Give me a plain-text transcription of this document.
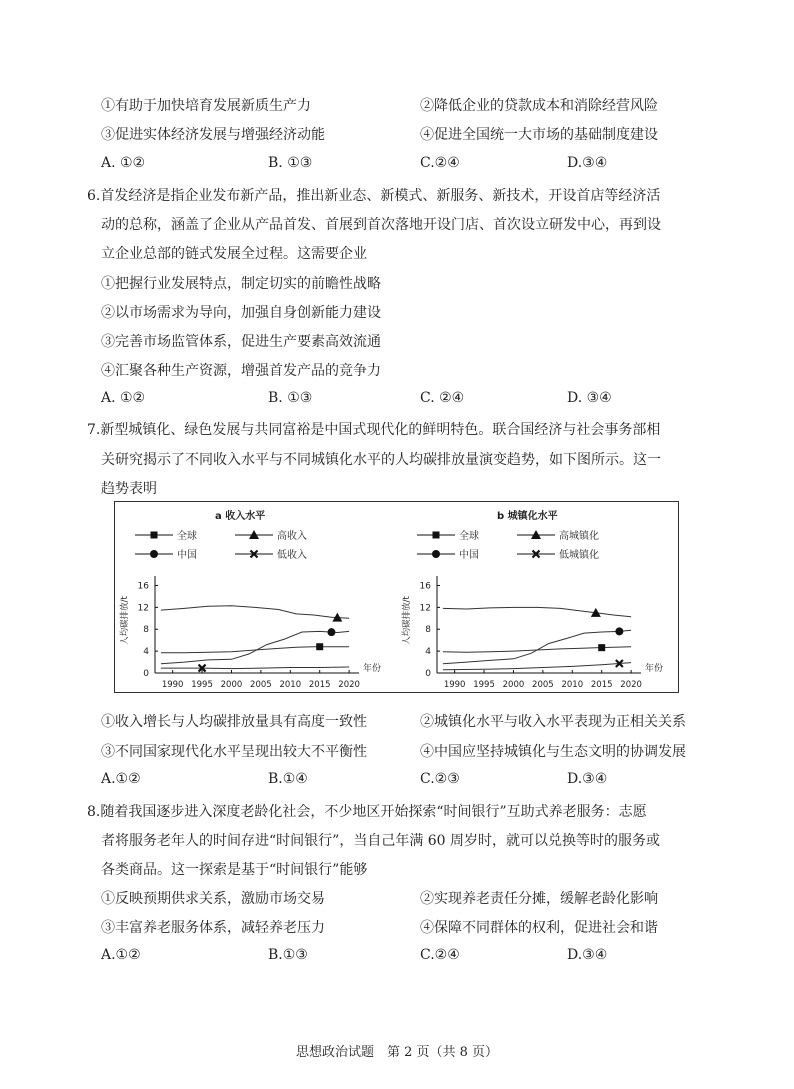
①有助于加快培育发展新质生产力	②降低企业的贷款成本和消除经营风险
③促进实体经济发展与增强经济动能	④促进全国统一大市场的基础制度建设
A. ①②	B. ①③	C.②④	D.③④
6.首发经济是指企业发布新产品，推出新业态、新模式、新服务、新技术，开设首店等经济活
动的总称，涵盖了企业从产品首发、首展到首次落地开设门店、首次设立研发中心，再到设
立企业总部的链式发展全过程。这需要企业
①把握行业发展特点，制定切实的前瞻性战略
②以市场需求为导向，加强自身创新能力建设
③完善市场监管体系，促进生产要素高效流通
④汇聚各种生产资源，增强首发产品的竞争力
A. ①②	B. ①③	C. ②④	D. ③④
7.新型城镇化、绿色发展与共同富裕是中国式现代化的鲜明特色。联合国经济与社会事务部相
关研究揭示了不同收入水平与不同城镇化水平的人均碳排放量演变趋势，如下图所示。这一
趋势表明
a 收入水平
全球	高收入
中国	低收入
0
4
8
12
16
1990 1995 2000 2005 2010 2015 2020
年份
人均碳排放/t
b 城镇化水平
全球	高城镇化
中国	低城镇化
0
4
8
12
16
1990 1995 2000 2005 2010 2015 2020
年份
人均碳排放/t
①收入增长与人均碳排放量具有高度一致性	②城镇化水平与收入水平表现为正相关关系
③不同国家现代化水平呈现出较大不平衡性	④中国应坚持城镇化与生态文明的协调发展
A.①②	B.①④	C.②③	D.③④
8.随着我国逐步进入深度老龄化社会，不少地区开始探索“时间银行”互助式养老服务：志愿
者将服务老年人的时间存进“时间银行”，当自己年满 60 周岁时，就可以兑换等时的服务或
各类商品。这一探索是基于“时间银行”能够
①反映预期供求关系，激励市场交易	②实现养老责任分摊，缓解老龄化影响
③丰富养老服务体系，减轻养老压力	④保障不同群体的权利，促进社会和谐
A.①②	B.①③	C.②④	D.③④
思想政治试题　第 2 页（共 8 页）
